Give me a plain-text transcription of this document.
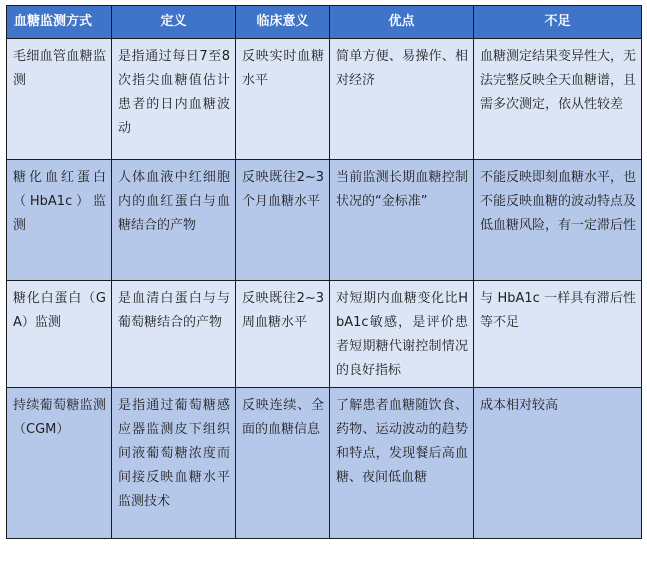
血糖监测方式	定义	临床意义	优点	不足
毛细血管血糖监测	是指通过每日7至8次指尖血糖值估计患者的日内血糖波动	反映实时血糖水平	简单方便、易操作、相对经济	血糖测定结果变异性大，无法完整反映全天血糖谱，且需多次测定，依从性较差
糖化血红蛋白（HbA1c）监测	人体血液中红细胞内的血红蛋白与血糖结合的产物	反映既往2~3个月血糖水平	当前监测长期血糖控制状况的“金标准”	不能反映即刻血糖水平，也不能反映血糖的波动特点及低血糖风险，有一定滞后性
糖化白蛋白（GA）监测	是血清白蛋白与与葡萄糖结合的产物	反映既往2~3周血糖水平	对短期内血糖变化比HbA1c敏感，是评价患者短期糖代谢控制情况的良好指标	与 HbA1c 一样具有滞后性等不足
持续葡萄糖监测（CGM）	是指通过葡萄糖感应器监测皮下组织间液葡萄糖浓度而间接反映血糖水平监测技术	反映连续、全面的血糖信息	了解患者血糖随饮食、药物、运动波动的趋势和特点，发现餐后高血糖、夜间低血糖	成本相对较高
